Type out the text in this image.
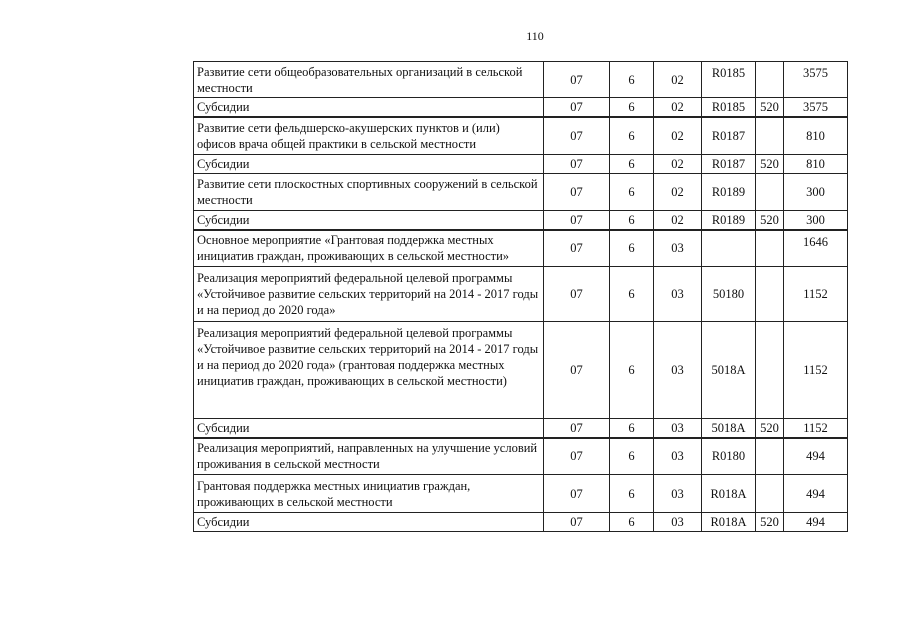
110
Развитие сети общеобразовательных организаций в сельской местности	07	6	02	R0185		3575
Субсидии	07	6	02	R0185	520	3575
Развитие сети фельдшерско-акушерских пунктов и (или) офисов врача общей практики в сельской местности	07	6	02	R0187		810
Субсидии	07	6	02	R0187	520	810
Развитие сети плоскостных спортивных сооружений в сельской местности	07	6	02	R0189		300
Субсидии	07	6	02	R0189	520	300
Основное мероприятие «Грантовая поддержка местных инициатив граждан, проживающих в сельской местности»	07	6	03			1646
Реализация мероприятий федеральной целевой программы «Устойчивое развитие сельских территорий на 2014 - 2017 годы и на период до 2020 года»	07	6	03	50180		1152
Реализация мероприятий федеральной целевой программы «Устойчивое развитие сельских территорий на 2014 - 2017 годы и на период до 2020 года» (грантовая поддержка местных инициатив граждан, проживающих в сельской местности)	07	6	03	5018А		1152
Субсидии	07	6	03	5018А	520	1152
Реализация мероприятий, направленных на улучшение условий проживания в сельской местности	07	6	03	R0180		494
Грантовая поддержка местных инициатив граждан, проживающих в сельской местности	07	6	03	R018A		494
Субсидии	07	6	03	R018A	520	494
